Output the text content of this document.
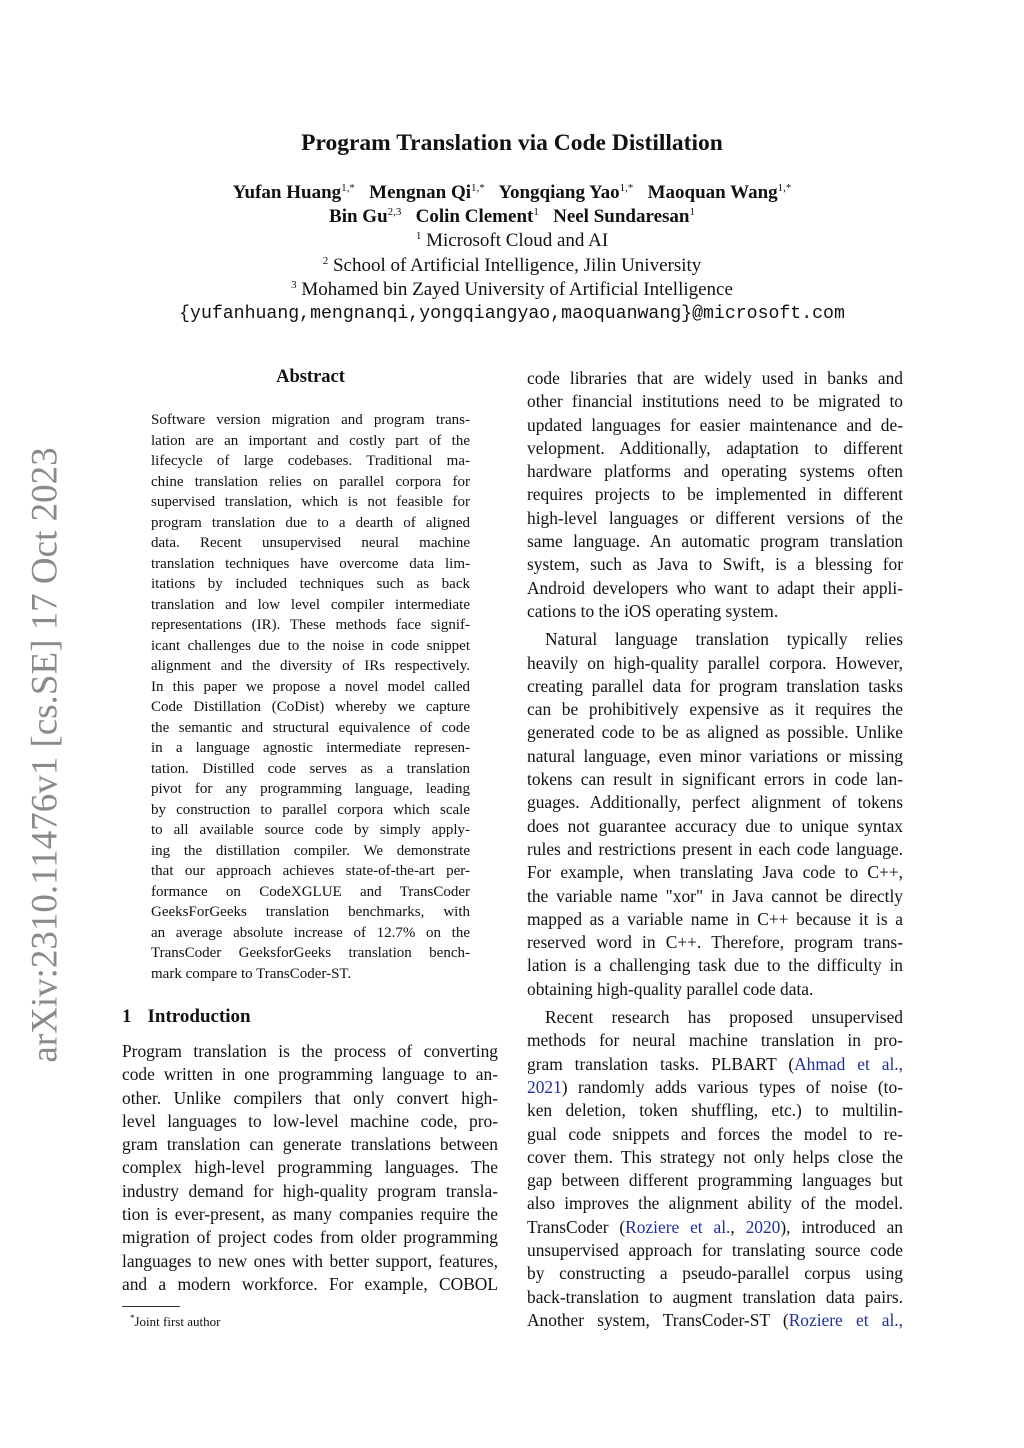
Program Translation via Code Distillation
Yufan Huang$^{1,*}$ Mengnan $Qi^{1,*}$ Yongqiang Yao$^{1,*}$ Maoquan Wang$^{1,*}$
Bin Gu$^{2,3}$ Colin Clement$^1$ Neel Sundaresan$^1$
$^1$ Microsoft Cloud and AI
$^2$ School of Artificial Intelligence, Jilin University
$^3$ Mohamed bin Zayed University of Artificial Intelligence
{yufanhuang,mengnanqi,yongqiangyao,maoquanwang}@microsoft.com
arXiv:2310.11476v1 [cs.SE] 17 Oct 2023
Abstract
Software version migration and program trans-
lation are an important and costly part of the
lifecycle of large codebases. Traditional ma-
chine translation relies on parallel corpora for
supervised translation, which is not feasible for
program translation due to a dearth of aligned
data. Recent unsupervised neural machine
translation techniques have overcome data lim-
itations by included techniques such as back
translation and low level compiler intermediate
representations (IR). These methods face signif-
icant challenges due to the noise in code snippet
alignment and the diversity of IRs respectively.
In this paper we propose a novel model called
Code Distillation (CoDist) whereby we capture
the semantic and structural equivalence of code
in a language agnostic intermediate represen-
tation. Distilled code serves as a translation
pivot for any programming language, leading
by construction to parallel corpora which scale
to all available source code by simply apply-
ing the distillation compiler. We demonstrate
that our approach achieves state-of-the-art per-
formance on CodeXGLUE and TransCoder
GeeksForGeeks translation benchmarks, with
an average absolute increase of 12.7% on the
TransCoder GeeksforGeeks translation bench-
mark compare to TransCoder-ST.
1 Introduction
Program translation is the process of converting
code written in one programming language to an-
other. Unlike compilers that only convert high-
level languages to low-level machine code, pro-
gram translation can generate translations between
complex high-level programming languages. The
industry demand for high-quality program transla-
tion is ever-present, as many companies require the
migration of project codes from older programming
languages to new ones with better support, features,
and a modern workforce. For example, COBOL
code libraries that are widely used in banks and
other financial institutions need to be migrated to
updated languages for easier maintenance and de-
velopment. Additionally, adaptation to different
hardware platforms and operating systems often
requires projects to be implemented in different
high-level languages or different versions of the
same language. An automatic program translation
system, such as Java to Swift, is a blessing for
Android developers who want to adapt their appli-
cations to the iOS operating system.
Natural language translation typically relies
heavily on high-quality parallel corpora. However,
creating parallel data for program translation tasks
can be prohibitively expensive as it requires the
generated code to be as aligned as possible. Unlike
natural language, even minor variations or missing
tokens can result in significant errors in code lan-
guages. Additionally, perfect alignment of tokens
does not guarantee accuracy due to unique syntax
rules and restrictions present in each code language.
For example, when translating Java code to C++,
the variable name "xor" in Java cannot be directly
mapped as a variable name in C++ because it is a
reserved word in C++. Therefore, program trans-
lation is a challenging task due to the difficulty in
obtaining high-quality parallel code data.
Recent research has proposed unsupervised
methods for neural machine translation in pro-
gram translation tasks. PLBART (Ahmad et al.,
2021) randomly adds various types of noise (to-
ken deletion, token shuffling, etc.) to multilin-
gual code snippets and forces the model to re-
cover them. This strategy not only helps close the
gap between different programming languages but
also improves the alignment ability of the model.
TransCoder (Roziere et al., 2020), introduced an
unsupervised approach for translating source code
by constructing a pseudo-parallel corpus using
back-translation to augment translation data pairs.
Another system, TransCoder-ST (Roziere et al.,
*Joint first author
